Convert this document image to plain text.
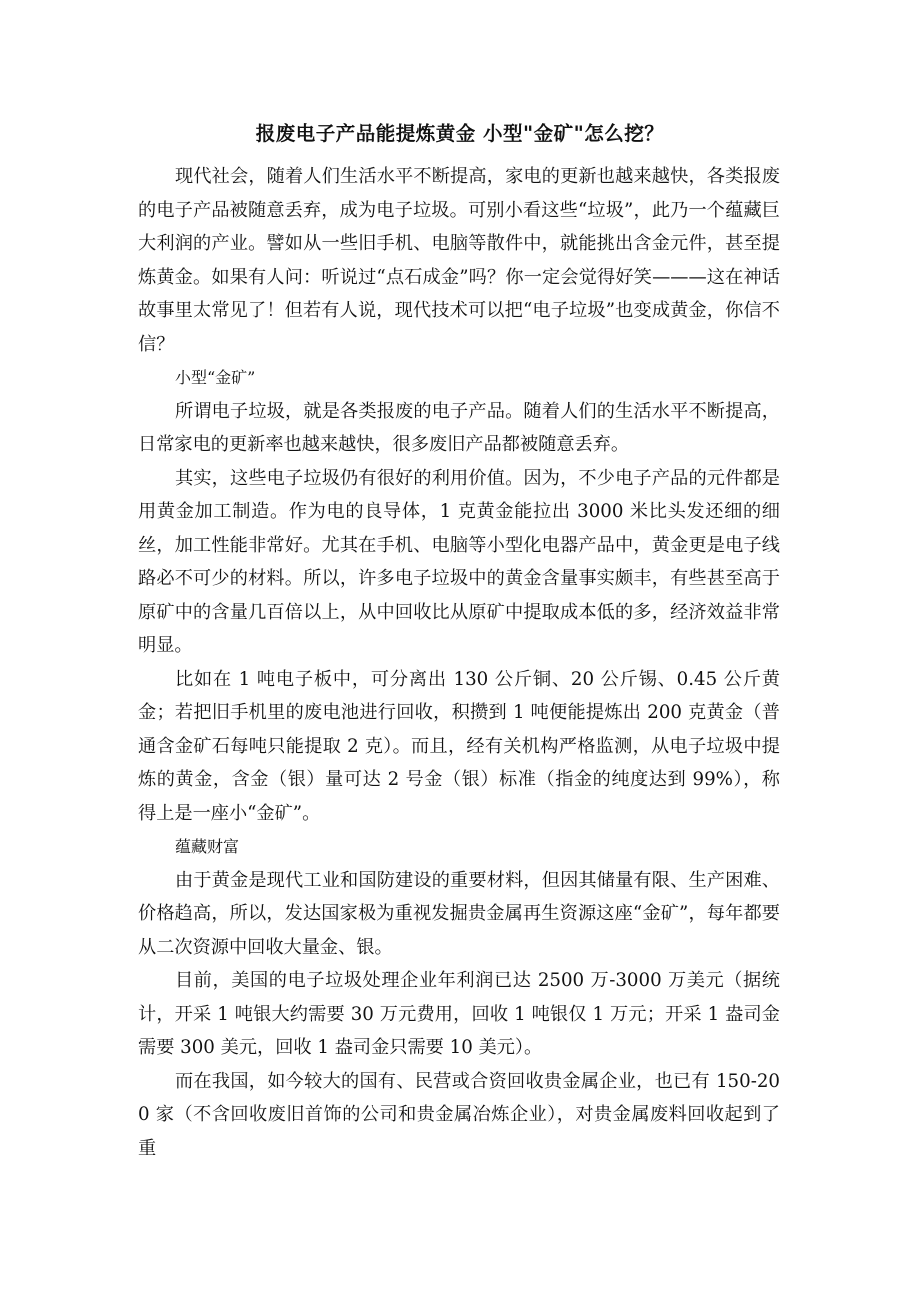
报废电子产品能提炼黄金 小型"金矿"怎么挖？

现代社会，随着人们生活水平不断提高，家电的更新也越来越快，各类报废的电子产品被随意丢弃，成为电子垃圾。可别小看这些“垃圾”，此乃一个蕴藏巨大利润的产业。譬如从一些旧手机、电脑等散件中，就能挑出含金元件，甚至提炼黄金。如果有人问：听说过“点石成金”吗？你一定会觉得好笑———这在神话故事里太常见了！但若有人说，现代技术可以把“电子垃圾”也变成黄金，你信不信？

小型“金矿”

所谓电子垃圾，就是各类报废的电子产品。随着人们的生活水平不断提高，日常家电的更新率也越来越快，很多废旧产品都被随意丢弃。

其实，这些电子垃圾仍有很好的利用价值。因为，不少电子产品的元件都是用黄金加工制造。作为电的良导体，1 克黄金能拉出 3000 米比头发还细的细丝，加工性能非常好。尤其在手机、电脑等小型化电器产品中，黄金更是电子线路必不可少的材料。所以，许多电子垃圾中的黄金含量事实颇丰，有些甚至高于原矿中的含量几百倍以上，从中回收比从原矿中提取成本低的多，经济效益非常明显。

比如在 1 吨电子板中，可分离出 130 公斤铜、20 公斤锡、0.45 公斤黄金；若把旧手机里的废电池进行回收，积攒到 1 吨便能提炼出 200 克黄金（普通含金矿石每吨只能提取 2 克）。而且，经有关机构严格监测，从电子垃圾中提炼的黄金，含金（银）量可达 2 号金（银）标准（指金的纯度达到 99%），称得上是一座小“金矿”。

蕴藏财富

由于黄金是现代工业和国防建设的重要材料，但因其储量有限、生产困难、价格趋高，所以，发达国家极为重视发掘贵金属再生资源这座“金矿”，每年都要从二次资源中回收大量金、银。

目前，美国的电子垃圾处理企业年利润已达 2500 万-3000 万美元（据统计，开采 1 吨银大约需要 30 万元费用，回收 1 吨银仅 1 万元；开采 1 盎司金需要 300 美元，回收 1 盎司金只需要 10 美元）。

而在我国，如今较大的国有、民营或合资回收贵金属企业，也已有 150-200 家（不含回收废旧首饰的公司和贵金属冶炼企业），对贵金属废料回收起到了重
